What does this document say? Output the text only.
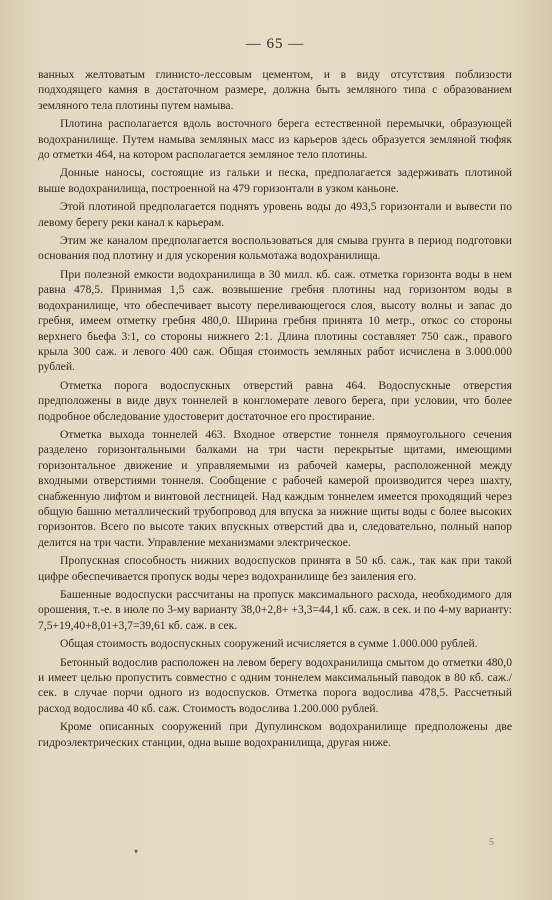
— 65 —

ванных желтоватым глинисто-лессовым цементом, и в виду отсутствия поблизости подходящего камня в достаточном размере, должна быть земляного типа с образованием земляного тела плотины путем намыва.

Плотина располагается вдоль восточного берега естественной перемычки, образующей водохранилище. Путем намыва земляных масс из карьеров здесь образуется земляной тюфяк до отметки 464, на котором располагается земляное тело плотины.

Донные наносы, состоящие из гальки и песка, предполагается задерживать плотиной выше водохранилища, построенной на 479 горизонтали в узком каньоне.

Этой плотиной предполагается поднять уровень воды до 493,5 горизонтали и вывести по левому берегу реки канал к карьерам.

Этим же каналом предполагается воспользоваться для смыва грунта в период подготовки основания под плотину и для ускорения кольмотажа водохранилища.

При полезной емкости водохранилища в 30 милл. кб. саж. отметка горизонта воды в нем равна 478,5. Принимая 1,5 саж. возвышение гребня плотины над горизонтом воды в водохранилище, что обеспечивает высоту переливающегося слоя, высоту волны и запас до гребня, имеем отметку гребня 480,0. Ширина гребня принята 10 метр., откос со стороны верхнего бьефа 3:1, со стороны нижнего 2:1. Длина плотины составляет 750 саж., правого крыла 300 саж. и левого 400 саж. Общая стоимость земляных работ исчислена в 3.000.000 рублей.

Отметка порога водоспускных отверстий равна 464. Водоспускные отверстия предположены в виде двух тоннелей в конгломерате левого берега, при условии, что более подробное обследование удостоверит достаточное его простирание.

Отметка выхода тоннелей 463. Входное отверстие тоннеля прямоугольного сечения разделено горизонтальными балками на три части перекрытые щитами, имеющими горизонтальное движение и управляемыми из рабочей камеры, расположенной между входными отверстиями тоннеля. Сообщение с рабочей камерой производится через шахту, снабженную лифтом и винтовой лестницей. Над каждым тоннелем имеется проходящий через общую башню металлический трубопровод для впуска за нижние щиты воды с более высоких горизонтов. Всего по высоте таких впускных отверстий два и, следовательно, полный напор делится на три части. Управление механизмами электрическое.

Пропускная способность нижних водоспусков принята в 50 кб. саж., так как при такой цифре обеспечивается пропуск воды через водохранилище без заиления его.

Башенные водоспуски рассчитаны на пропуск максимального расхода, необходимого для орошения, т.-е. в июле по 3-му варианту 38,0+2,8+ +3,3=44,1 кб. саж. в сек. и по 4-му варианту: 7,5+19,40+8,01+3,7=39,61 кб. саж. в сек.

Общая стоимость водоспускных сооружений исчисляется в сумме 1.000.000 рублей.

Бетонный водослив расположен на левом берегу водохранилища смытом до отметки 480,0 и имеет целью пропустить совместно с одним тоннелем максимальный паводок в 80 кб. саж./сек. в случае порчи одного из водоспусков. Отметка порога водослива 478,5. Рассчетный расход водослива 40 кб. саж. Стоимость водослива 1.200.000 рублей.

Кроме описанных сооружений при Дупулинском водохранилище предположены две гидроэлектрических станции, одна выше водохранилища, другая ниже.

5
▾
